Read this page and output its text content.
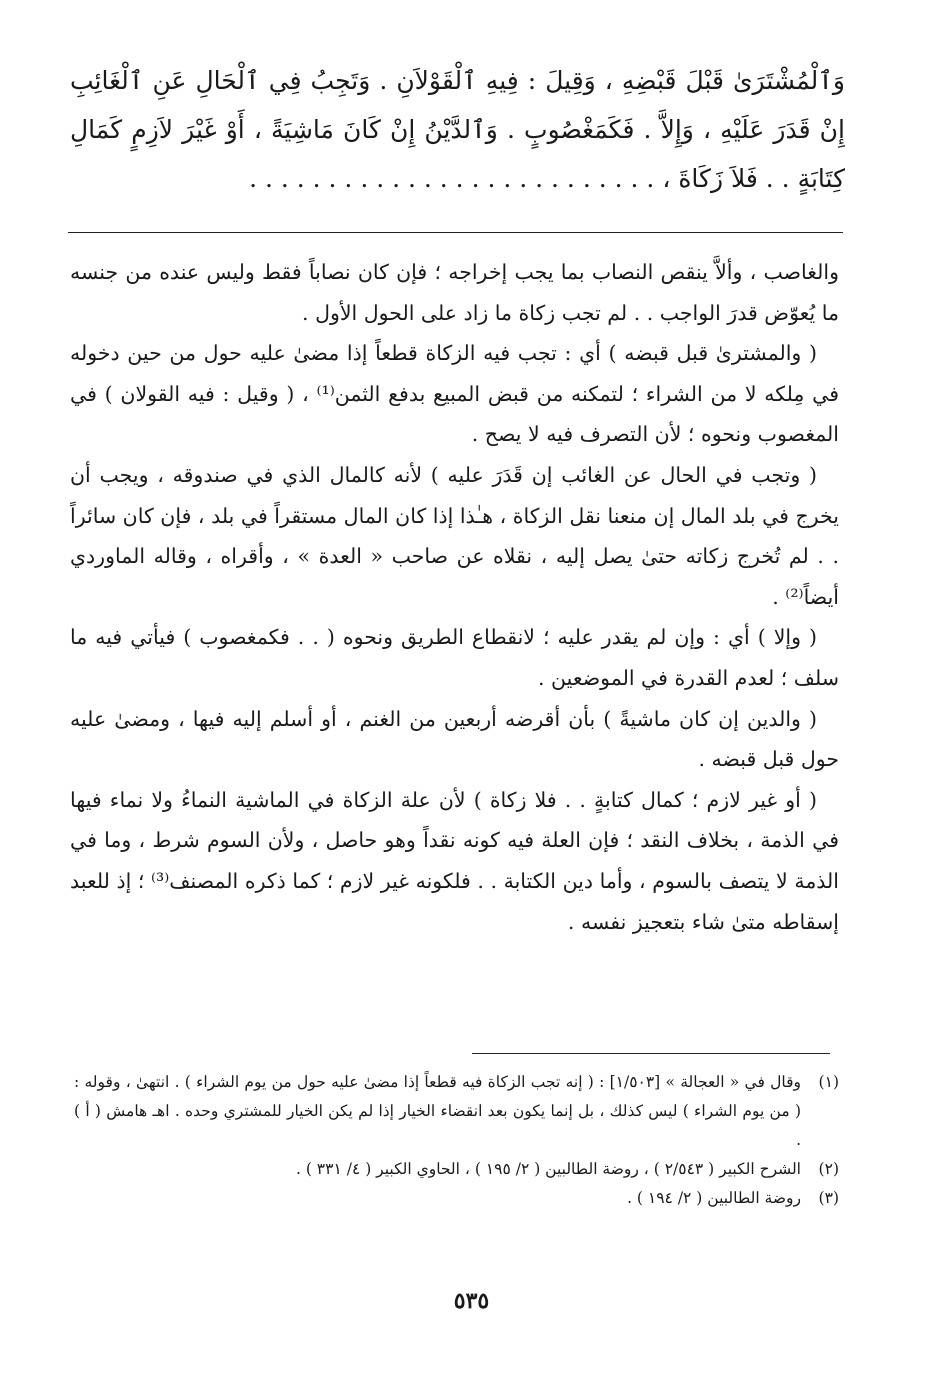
وَٱلْمُشْتَرَىٰ قَبْلَ قَبْضِهِ ، وَقِيلَ : فِيهِ ٱلْقَوْلاَنِ . وَتَجِبُ فِي ٱلْحَالِ عَنِ ٱلْغَائِبِ إِنْ قَدَرَ عَلَيْهِ ، وَإِلاَّ . فَكَمَغْصُوبٍ . وَٱلدَّيْنُ إِنْ كَانَ مَاشِيَةً ، أَوْ غَيْرَ لاَزِمٍ كَمَالِ كِتَابَةٍ . . فَلاَ زَكَاةَ ، . . . . . . . . . . . . . . . . . . . . . . . . . .

والغاصب ، وألاَّ ينقص النصاب بما يجب إخراجه ؛ فإن كان نصاباً فقط وليس عنده من جنسه ما يُعوّض قدرَ الواجب . . لم تجب زكاة ما زاد على الحول الأول .

( والمشترىٰ قبل قبضه ) أي : تجب فيه الزكاة قطعاً إذا مضىٰ عليه حول من حين دخوله في مِلكه لا من الشراء ؛ لتمكنه من قبض المبيع بدفع الثمن⁽¹⁾ ، ( وقيل : فيه القولان ) في المغصوب ونحوه ؛ لأن التصرف فيه لا يصح .

( وتجب في الحال عن الغائب إن قَدَرَ عليه ) لأنه كالمال الذي في صندوقه ، ويجب أن يخرج في بلد المال إن منعنا نقل الزكاة ، هـٰذا إذا كان المال مستقراً في بلد ، فإن كان سائراً . . لم تُخرج زكاته حتىٰ يصل إليه ، نقلاه عن صاحب « العدة » ، وأقراه ، وقاله الماوردي أيضاً⁽²⁾ .

( وإلا ) أي : وإن لم يقدر عليه ؛ لانقطاع الطريق ونحوه ( . . فكمغصوب ) فيأتي فيه ما سلف ؛ لعدم القدرة في الموضعين .

( والدين إن كان ماشيةً ) بأن أقرضه أربعين من الغنم ، أو أسلم إليه فيها ، ومضىٰ عليه حول قبل قبضه .

( أو غير لازم ؛ كمال كتابةٍ . . فلا زكاة ) لأن علة الزكاة في الماشية النماءُ ولا نماء فيها في الذمة ، بخلاف النقد ؛ فإن العلة فيه كونه نقداً وهو حاصل ، ولأن السوم شرط ، وما في الذمة لا يتصف بالسوم ، وأما دين الكتابة . . فلكونه غير لازم ؛ كما ذكره المصنف⁽³⁾ ؛ إذ للعبد إسقاطه متىٰ شاء بتعجيز نفسه .

(١)
وقال في « العجالة » [١/٥٠٣] : ( إنه تجب الزكاة فيه قطعاً إذا مضىٰ عليه حول من يوم الشراء ) . انتهىٰ ، وقوله : ( من يوم الشراء ) ليس كذلك ، بل إنما يكون بعد انقضاء الخيار إذا لم يكن الخيار للمشتري وحده . اهـ هامش ( أ ) .
(٢)
الشرح الكبير ( ٢/٥٤٣ ) ، روضة الطالبين ( ٢/ ١٩٥ ) ، الحاوي الكبير ( ٤/ ٣٣١ ) .
(٣)
روضة الطالبين ( ٢/ ١٩٤ ) .
٥٣٥
